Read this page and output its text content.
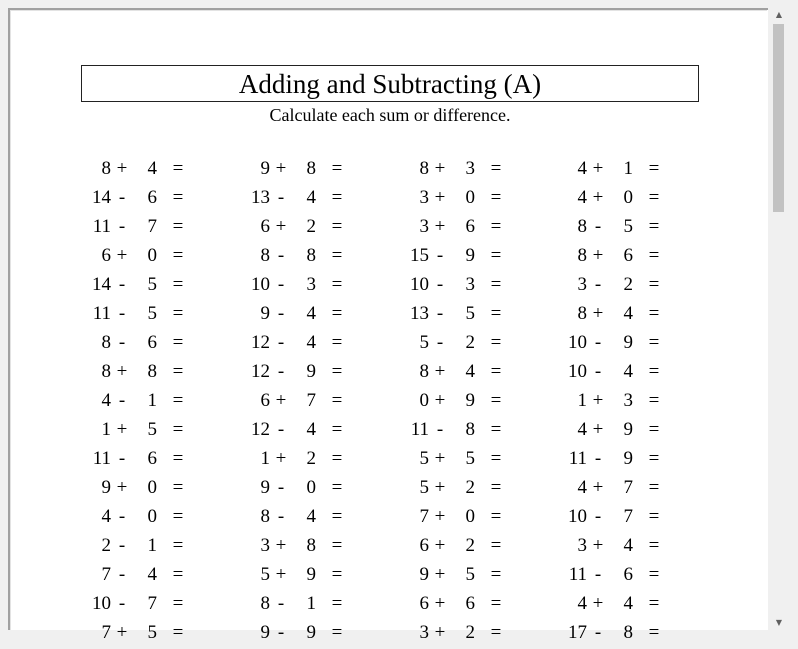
Adding and Subtracting (A)
Calculate each sum or difference.
8 +	4 =
14 -	6 =
11 -	7 =
6 +	0 =
14 -	5 =
11 -	5 =
8 -	6 =
8 +	8 =
4 -	1 =
1 +	5 =
11 -	6 =
9 +	0 =
4 -	0 =
2 -	1 =
7 -	4 =
10 -	7 =
7 +	5 =
9 +	8 =
13 -	4 =
6 +	2 =
8 -	8 =
10 -	3 =
9 -	4 =
12 -	4 =
12 -	9 =
6 +	7 =
12 -	4 =
1 +	2 =
9 -	0 =
8 -	4 =
3 +	8 =
5 +	9 =
8 -	1 =
9 -	9 =
8 +	3 =
3 +	0 =
3 +	6 =
15 -	9 =
10 -	3 =
13 -	5 =
5 -	2 =
8 +	4 =
0 +	9 =
11 -	8 =
5 +	5 =
5 +	2 =
7 +	0 =
6 +	2 =
9 +	5 =
6 +	6 =
3 +	2 =
4 +	1 =
4 +	0 =
8 -	5 =
8 +	6 =
3 -	2 =
8 +	4 =
10 -	9 =
10 -	4 =
1 +	3 =
4 +	9 =
11 -	9 =
4 +	7 =
10 -	7 =
3 +	4 =
11 -	6 =
4 +	4 =
17 -	8 =
▲
▼
